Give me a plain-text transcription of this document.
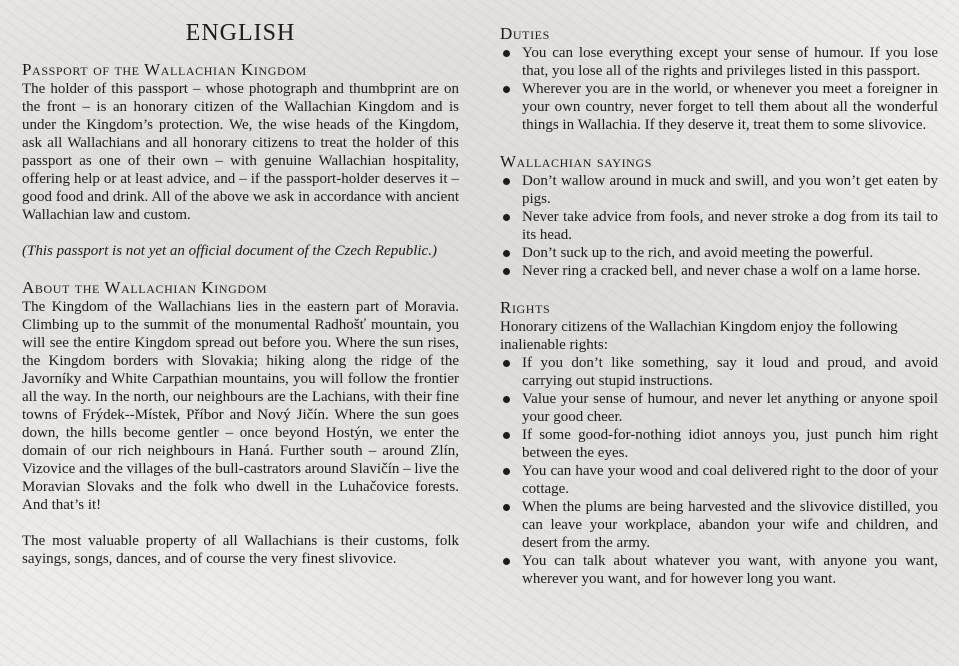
ENGLISH
Passport of the Wallachian Kingdom

The holder of this passport – whose photograph and thumbprint are on the front – is an honorary citizen of the Wallachian Kingdom and is under the Kingdom’s protection. We, the wise heads of the Kingdom, ask all Wallachians and all honorary citizens to treat the holder of this passport as one of their own – with genuine Wallachian hospitality, offering help or at least advice, and – if the passport-holder deserves it – good food and drink. All of the above we ask in accordance with ancient Wallachian law and custom.

(This passport is not yet an official document of the Czech Republic.)

About the Wallachian Kingdom

The Kingdom of the Wallachians lies in the eastern part of Moravia. Climbing up to the summit of the monumental Radhošť mountain, you will see the entire Kingdom spread out before you. Where the sun rises, the Kingdom borders with Slovakia; hiking along the ridge of the Javorníky and White Carpathian mountains, you will follow the frontier all the way. In the north, our neighbours are the Lachians, with their fine towns of Frýdek--Místek, Příbor and Nový Jičín. Where the sun goes down, the hills become gentler – once beyond Hostýn, we enter the domain of our rich neighbours in Haná. Further south – around Zlín, Vizovice and the villages of the bull-castrators around Slavičín – live the Moravian Slovaks and the folk who dwell in the Luhačovice forests. And that’s it!

The most valuable property of all Wallachians is their customs, folk sayings, songs, dances, and of course the very finest slivovice.

Duties
You can lose everything except your sense of humour. If you lose that, you lose all of the rights and privileges listed in this passport.
Wherever you are in the world, or whenever you meet a foreigner in your own country, never forget to tell them about all the wonderful things in Wallachia. If they deserve it, treat them to some slivovice.
Wallachian sayings
Don’t wallow around in muck and swill, and you won’t get eaten by pigs.
Never take advice from fools, and never stroke a dog from its tail to its head.
Don’t suck up to the rich, and avoid meeting the powerful.
Never ring a cracked bell, and never chase a wolf on a lame horse.
Rights

Honorary citizens of the Wallachian Kingdom enjoy the following inalienable rights:

If you don’t like something, say it loud and proud, and avoid carrying out stupid instructions.
Value your sense of humour, and never let anything or anyone spoil your good cheer.
If some good-for-nothing idiot annoys you, just punch him right between the eyes.
You can have your wood and coal delivered right to the door of your cottage.
When the plums are being harvested and the slivovice distilled, you can leave your workplace, abandon your wife and children, and desert from the army.
You can talk about whatever you want, with anyone you want, wherever you want, and for however long you want.
